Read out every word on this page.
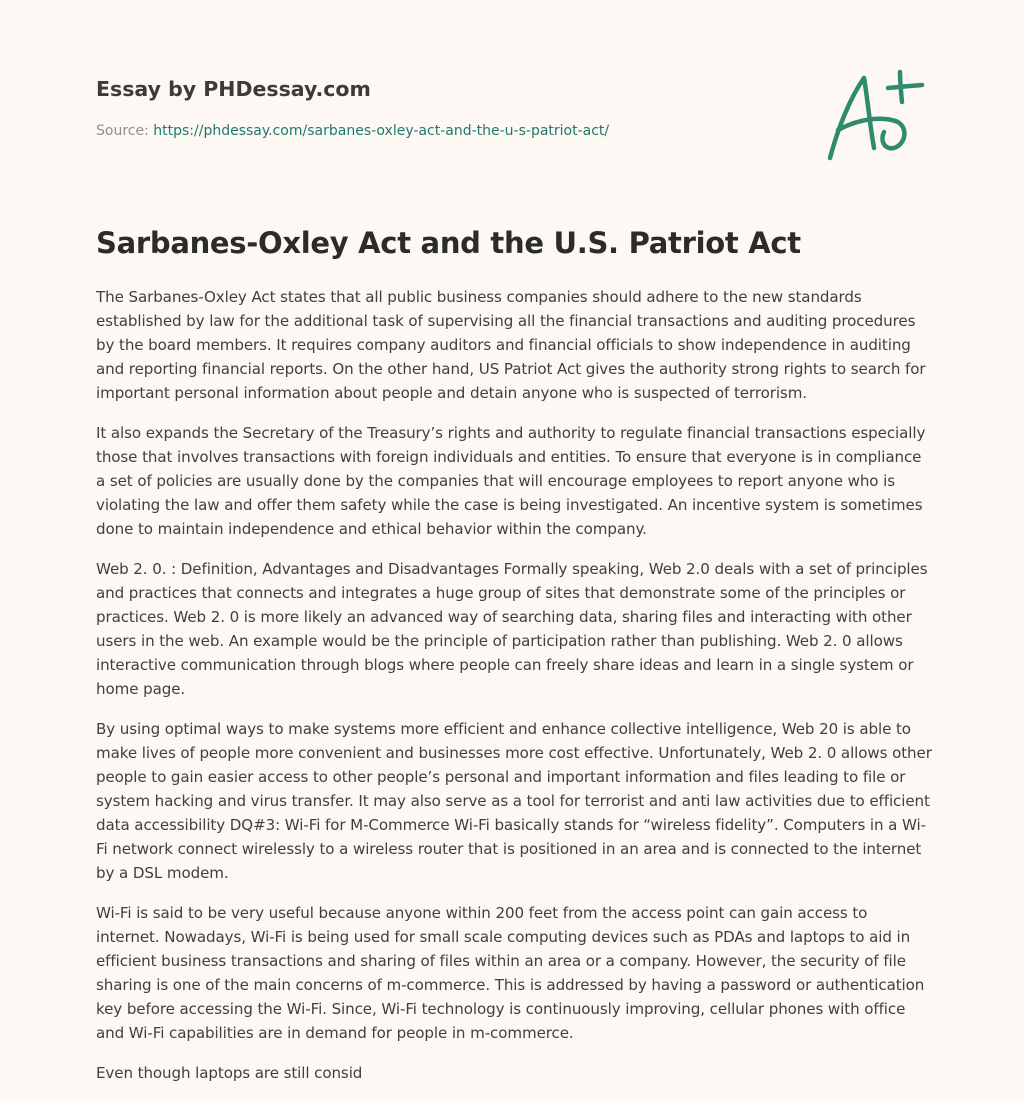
Essay by PHDessay.com
Source: https://phdessay.com/sarbanes-oxley-act-and-the-u-s-patriot-act/
Sarbanes-Oxley Act and the U.S. Patriot Act

The Sarbanes-Oxley Act states that all public business companies should adhere to the new standards established by law for the additional task of supervising all the financial transactions and auditing procedures by the board members. It requires company auditors and financial officials to show independence in auditing and reporting financial reports. On the other hand, US Patriot Act gives the authority strong rights to search for important personal information about people and detain anyone who is suspected of terrorism.

It also expands the Secretary of the Treasury’s rights and authority to regulate financial transactions especially those that involves transactions with foreign individuals and entities. To ensure that everyone is in compliance a set of policies are usually done by the companies that will encourage employees to report anyone who is violating the law and offer them safety while the case is being investigated. An incentive system is sometimes done to maintain independence and ethical behavior within the company.

Web 2. 0. : Definition, Advantages and Disadvantages Formally speaking, Web 2.0 deals with a set of principles and practices that connects and integrates a huge group of sites that demonstrate some of the principles or practices. Web 2. 0 is more likely an advanced way of searching data, sharing files and interacting with other users in the web. An example would be the principle of participation rather than publishing. Web 2. 0 allows interactive communication through blogs where people can freely share ideas and learn in a single system or home page.

By using optimal ways to make systems more efficient and enhance collective intelligence, Web 20 is able to make lives of people more convenient and businesses more cost effective. Unfortunately, Web 2. 0 allows other people to gain easier access to other people’s personal and important information and files leading to file or system hacking and virus transfer. It may also serve as a tool for terrorist and anti law activities due to efficient data accessibility DQ#3: Wi-Fi for M-Commerce Wi-Fi basically stands for “wireless fidelity”. Computers in a Wi-Fi network connect wirelessly to a wireless router that is positioned in an area and is connected to the internet by a DSL modem.

Wi-Fi is said to be very useful because anyone within 200 feet from the access point can gain access to internet. Nowadays, Wi-Fi is being used for small scale computing devices such as PDAs and laptops to aid in efficient business transactions and sharing of files within an area or a company. However, the security of file sharing is one of the main concerns of m-commerce. This is addressed by having a password or authentication key before accessing the Wi-Fi. Since, Wi-Fi technology is continuously improving, cellular phones with office and Wi-Fi capabilities are in demand for people in m-commerce.

Even though laptops are still consid
